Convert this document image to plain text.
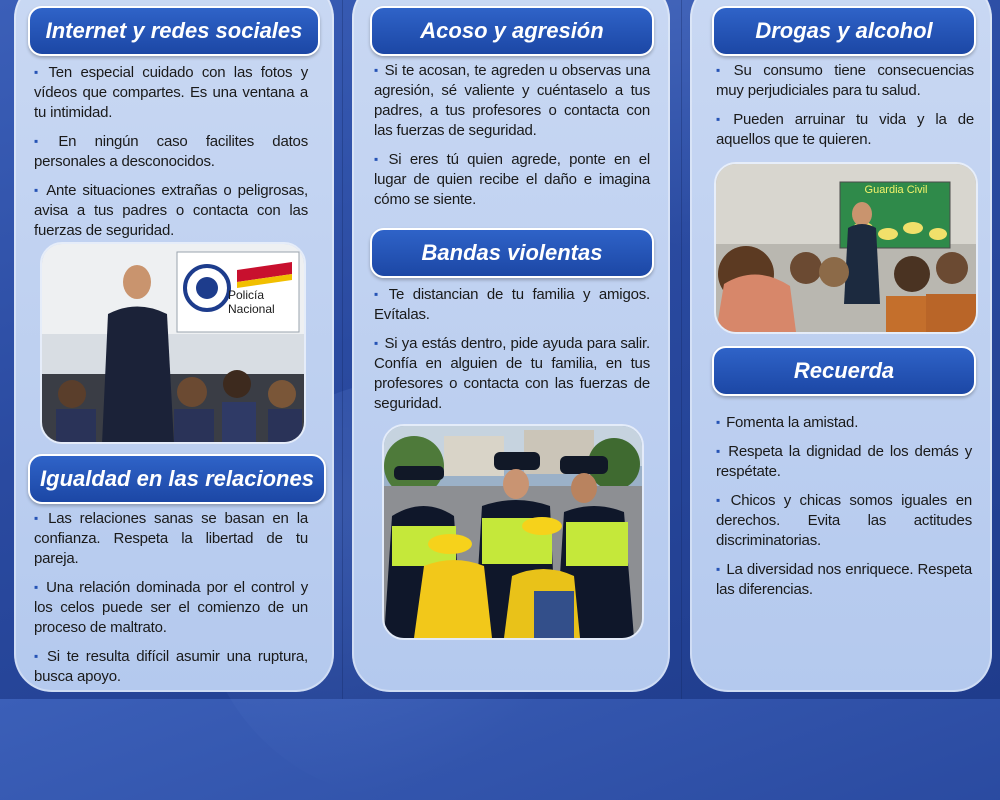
Internet y redes sociales
▪ Ten especial cuidado con las fotos y vídeos que compartes. Es una ventana a tu intimidad.
▪ En ningún caso facilites datos personales a desconocidos.
▪ Ante situaciones extrañas o peligrosas, avisa a tus padres o contacta con las fuerzas de seguridad.
Policía Nacional
Igualdad en las relaciones
▪ Las relaciones sanas se basan en la confianza. Respeta la libertad de tu pareja.
▪ Una relación dominada por el control y los celos puede ser el comienzo de un proceso de maltrato.
▪ Si te resulta difícil asumir una ruptura, busca apoyo.
Acoso y agresión
▪ Si te acosan, te agreden u observas una agresión, sé valiente y cuéntaselo a tus padres, a tus profesores o contacta con las fuerzas de seguridad.
▪ Si eres tú quien agrede, ponte en el lugar de quien recibe el daño e imagina cómo se siente.
Bandas violentas
▪ Te distancian de tu familia y amigos. Evítalas.
▪ Si ya estás dentro, pide ayuda para salir. Confía en alguien de tu familia, en tus profesores o contacta con las fuerzas de seguridad.
Drogas y alcohol
▪ Su consumo tiene consecuencias muy perjudiciales para tu salud.
▪ Pueden arruinar tu vida y la de aquellos que te quieren.
Guardia Civil
Recuerda
▪ Fomenta la amistad.
▪ Respeta la dignidad de los demás y respétate.
▪ Chicos y chicas somos iguales en derechos. Evita las actitudes discriminatorias.
▪ La diversidad nos enriquece. Respeta las diferencias.
